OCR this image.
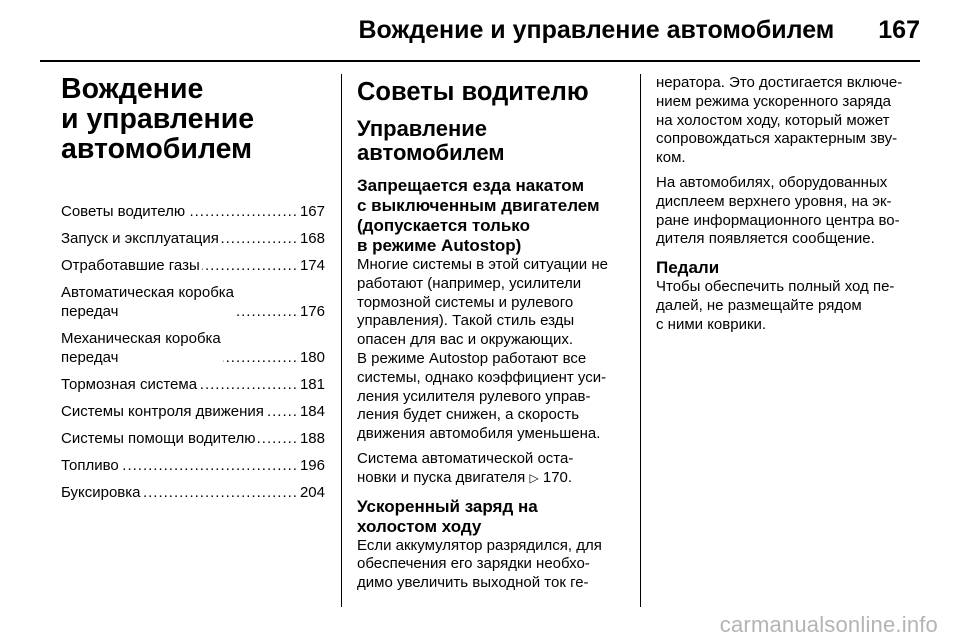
Вождение и управление автомобилем 167
Вождение
и управление
автомобилем
Советы водителю .....	167
Запуск и эксплуатация .....	168
Отработавшие газы .....	174
Автоматическая коробка
передач .....	176
Механическая коробка
передач .....	180
Тормозная система .....	181
Системы контроля движения ..... 184
Системы помощи водителю .....	188
Топливо .....	196
Буксировка .....	204
Советы водителю
Управление
автомобилем
Запрещается езда накатом
с выключенным двигателем
(допускается только
в режиме Autostop)

Многие системы в этой ситуации не
работают (например, усилители
тормозной системы и рулевого
управления). Такой стиль езды
опасен для вас и окружающих.

В режиме Autostop работают все
системы, однако коэффициент уси-
ления усилителя рулевого управ-
ления будет снижен, а скорость
движения автомобиля уменьшена.

Система автоматической оста-
новки и пуска двигателя ▷ 170.

Ускоренный заряд на
холостом ходу

Если аккумулятор разрядился, для
обеспечения его зарядки необхо-
димо увеличить выходной ток ге-

нератора. Это достигается включе-
нием режима ускоренного заряда
на холостом ходу, который может
сопровождаться характерным зву-
ком.

На автомобилях, оборудованных
дисплеем верхнего уровня, на эк-
ране информационного центра во-
дителя появляется сообщение.

Педали

Чтобы обеспечить полный ход пе-
далей, не размещайте рядом
с ними коврики.

carmanualsonline.info
